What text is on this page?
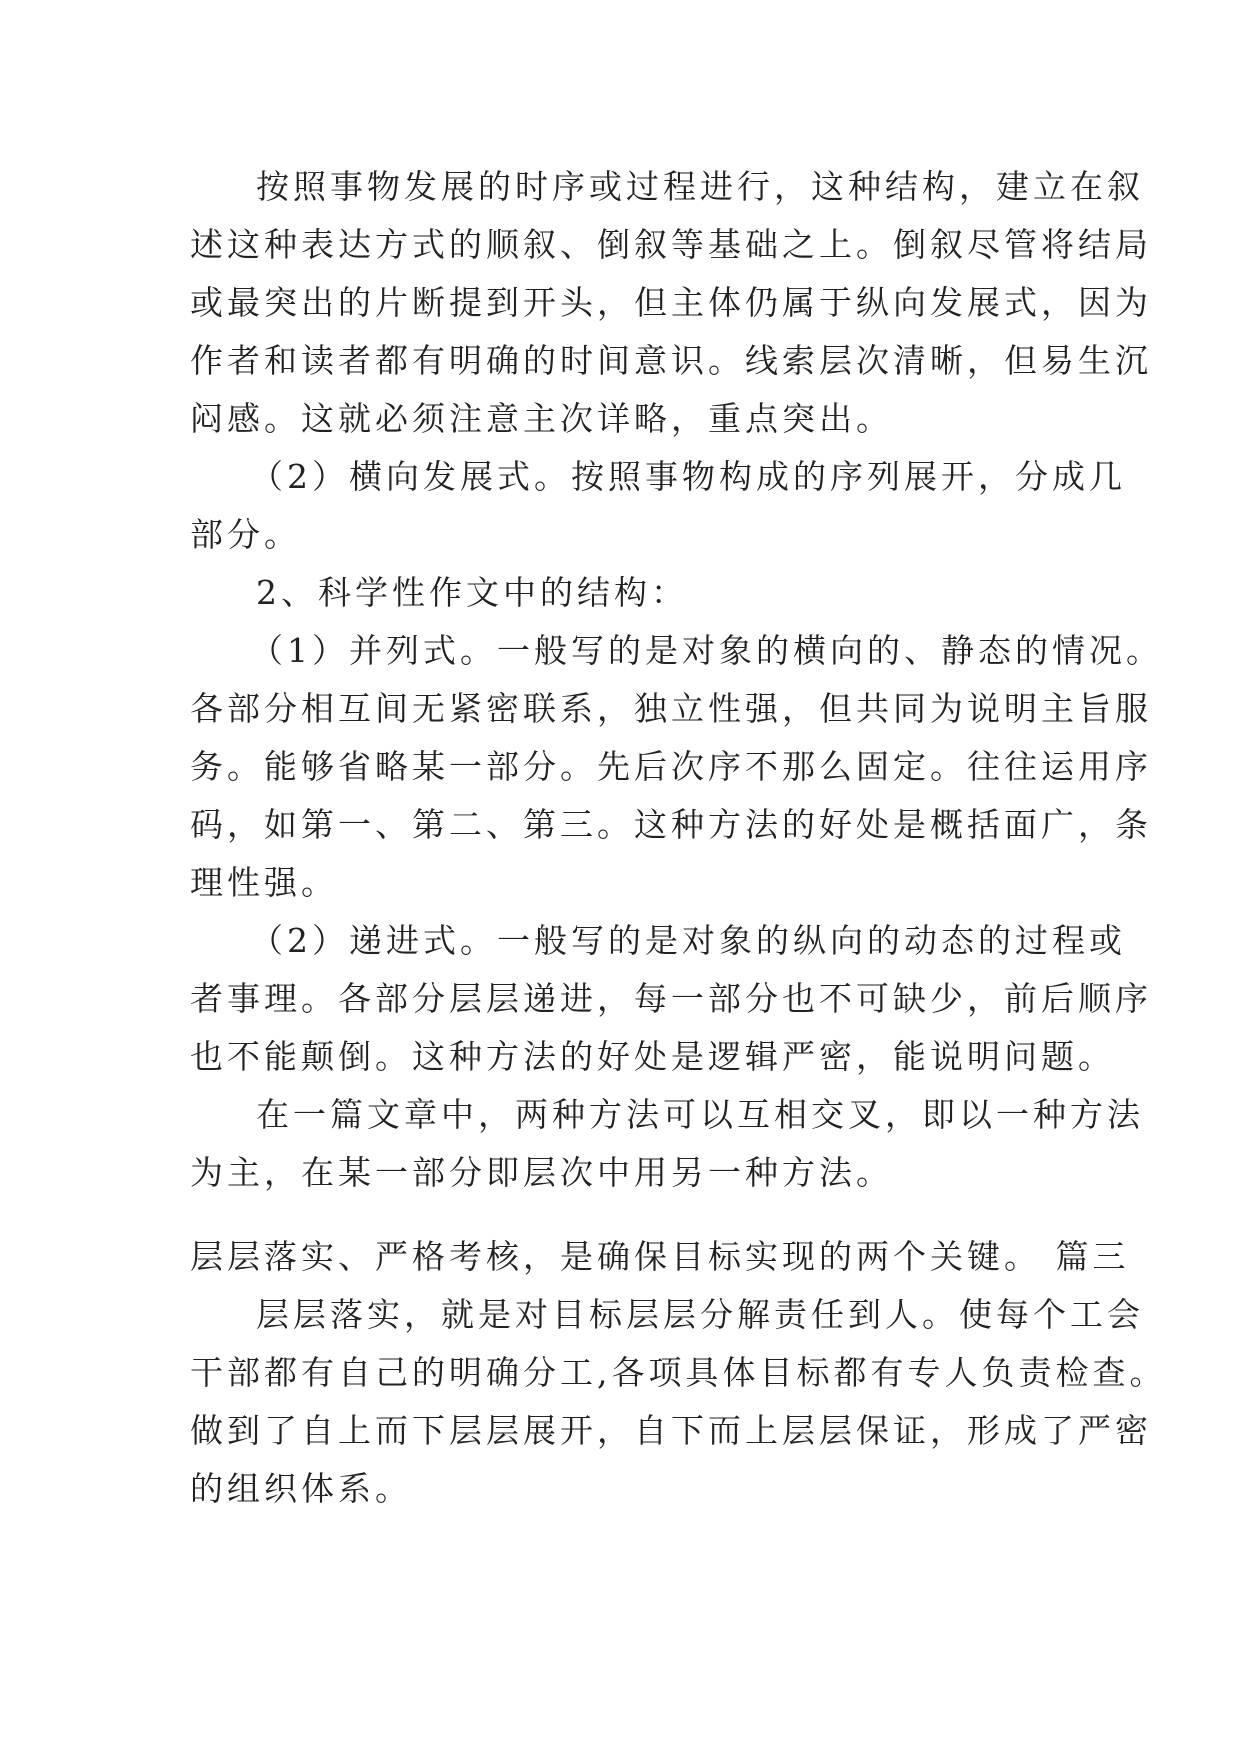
按照事物发展的时序或过程进行，这种结构，建立在叙
述这种表达方式的顺叙、倒叙等基础之上。倒叙尽管将结局
或最突出的片断提到开头，但主体仍属于纵向发展式，因为
作者和读者都有明确的时间意识。线索层次清晰，但易生沉
闷感。这就必须注意主次详略，重点突出。
（2）横向发展式。按照事物构成的序列展开，分成几
部分。
2、科学性作文中的结构：
（1）并列式。一般写的是对象的横向的、静态的情况。
各部分相互间无紧密联系，独立性强，但共同为说明主旨服
务。能够省略某一部分。先后次序不那么固定。往往运用序
码，如第一、第二、第三。这种方法的好处是概括面广，条
理性强。
（2）递进式。一般写的是对象的纵向的动态的过程或
者事理。各部分层层递进，每一部分也不可缺少，前后顺序
也不能颠倒。这种方法的好处是逻辑严密，能说明问题。
在一篇文章中，两种方法可以互相交叉，即以一种方法
为主，在某一部分即层次中用另一种方法。
层层落实、严格考核，是确保目标实现的两个关键。 篇三
层层落实，就是对目标层层分解责任到人。使每个工会
干部都有自己的明确分工,各项具体目标都有专人负责检查。
做到了自上而下层层展开，自下而上层层保证，形成了严密
的组织体系。
